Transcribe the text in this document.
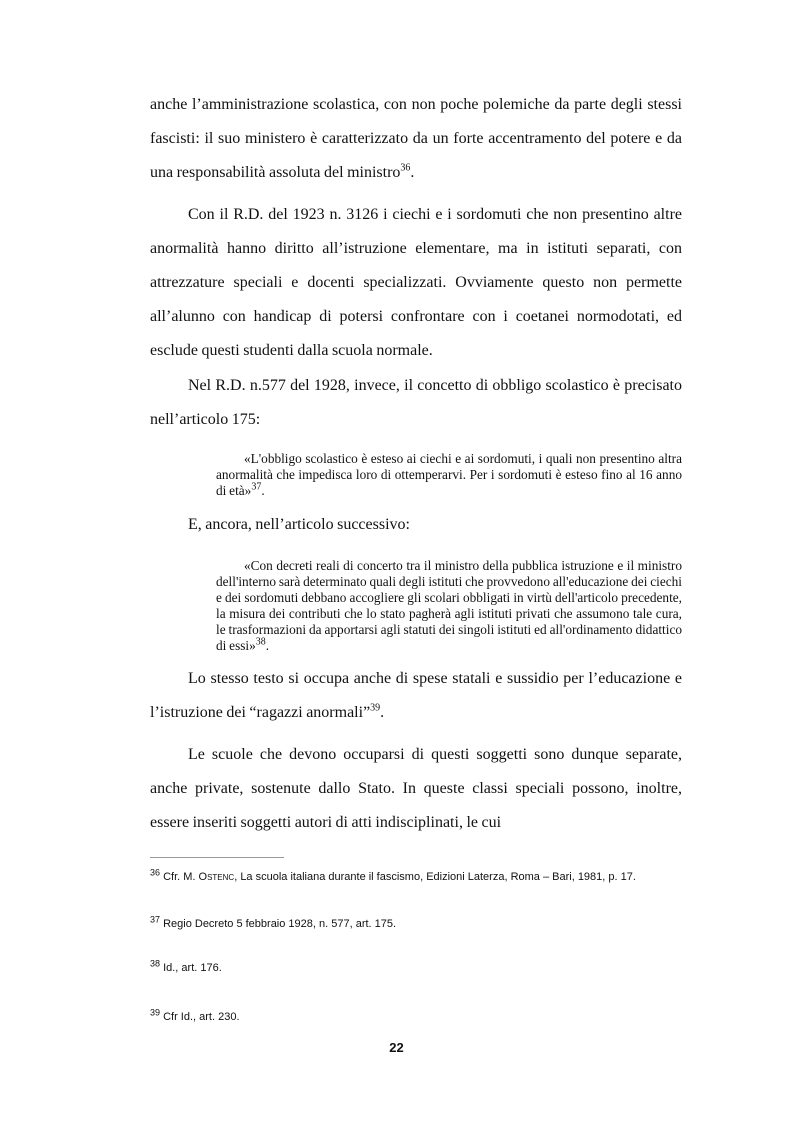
anche l’amministrazione scolastica, con non poche polemiche da parte degli stessi fascisti: il suo ministero è caratterizzato da un forte accentramento del potere e da una responsabilità assoluta del ministro$^{36}$.

Con il R.D. del 1923 n. 3126 i ciechi e i sordomuti che non presentino altre anormalità hanno diritto all’istruzione elementare, ma in istituti separati, con attrezzature speciali e docenti specializzati. Ovviamente questo non permette all’alunno con handicap di potersi confrontare con i coetanei normodotati, ed esclude questi studenti dalla scuola normale.

Nel R.D. n.577 del 1928, invece, il concetto di obbligo scolastico è precisato nell’articolo 175:

«L'obbligo scolastico è esteso ai ciechi e ai sordomuti, i quali non presentino altra anormalità che impedisca loro di ottemperarvi. Per i sordomuti è esteso fino al 16 anno di età»$^{37}$.

E, ancora, nell’articolo successivo:

«Con decreti reali di concerto tra il ministro della pubblica istruzione e il ministro dell'interno sarà determinato quali degli istituti che provvedono all'educazione dei ciechi e dei sordomuti debbano accogliere gli scolari obbligati in virtù dell'articolo precedente, la misura dei contributi che lo stato pagherà agli istituti privati che assumono tale cura, le trasformazioni da apportarsi agli statuti dei singoli istituti ed all'ordinamento didattico di essi»$^{38}$.

Lo stesso testo si occupa anche di spese statali e sussidio per l’educazione e l’istruzione dei “ragazzi anormali”$^{39}$.

Le scuole che devono occuparsi di questi soggetti sono dunque separate, anche private, sostenute dallo Stato. In queste classi speciali possono, inoltre, essere inseriti soggetti autori di atti indisciplinati, le cui

$^{36}$ Cfr. M. Ostenc, La scuola italiana durante il fascismo, Edizioni Laterza, Roma – Bari, 1981, p. 17.

$^{37}$ Regio Decreto 5 febbraio 1928, n. 577, art. 175.

$^{38}$ Id., art. 176.

$^{39}$ Cfr Id., art. 230.

22
